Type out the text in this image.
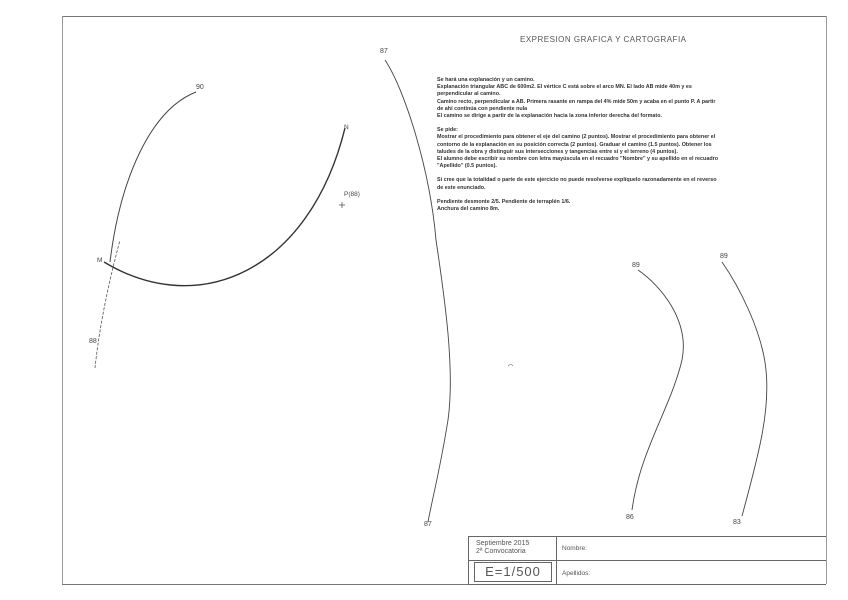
EXPRESION GRAFICA Y CARTOGRAFIA

Se hará una explanación y un camino.
Explanación triangular ABC de 600m2. El vértice C está sobre el arco MN. El lado AB mide 40m y es
perpendicular al camino.
Camino recto, perpendicular a AB. Primera rasante en rampa del 4% mide 50m y acaba en el punto P. A partir
de ahí continúa con pendiente nula
El camino se dirige a partir de la explanación hacia la zona inferior derecha del formato.

Se pide:
Mostrar el procedimiento para obtener el eje del camino (2 puntos). Mostrar el procedimiento para obtener el
contorno de la explanación en su posición correcta (2 puntos). Graduar el camino (1.5 puntos). Obtener los
taludes de la obra y distinguir sus intersecciones y tangencias entre sí y el terreno (4 puntos).
El alumno debe escribir su nombre con letra mayúscula en el recuadro "Nombre" y su apellido en el recuadro
"Apellido" (0.5 puntos).

Si cree que la totalidad o parte de este ejercicio no puede resolverse explíquelo razonadamente en el reverso
de este enunciado.

Pendiente desmonte 2/5. Pendiente de terraplén 1/6.
Anchura del camino 8m.

90
88
87
87
89
89
86
83
N
M
P(88)
Septiembre 2015
2ª Convocatoria
E=1/500
Nombre:
Apellidos:
